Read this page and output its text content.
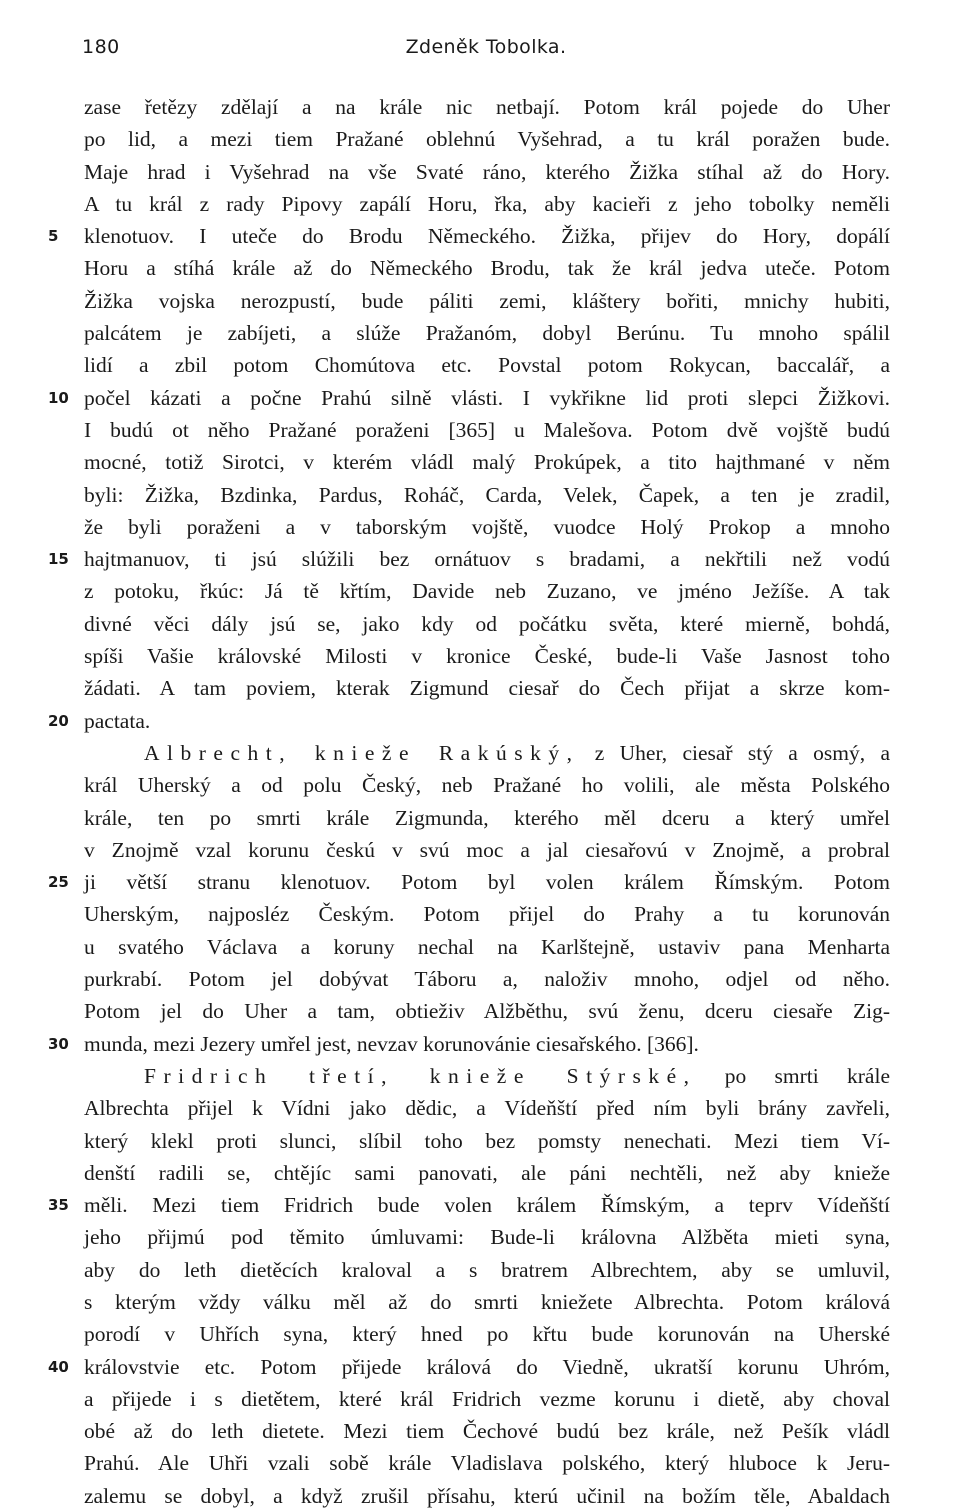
180	Zdeněk Tobolka.
zase řetězy zdělají a na krále nic netbají. Potom král pojede do Uher
po lid, a mezi tiem Pražané oblehnú Vyšehrad, a tu král poražen bude.
Maje hrad i Vyšehrad na vše Svaté ráno, kterého Žižka stíhal až do Hory.
A tu král z rady Pipovy zapálí Horu, řka, aby kacieři z jeho tobolky neměli
5	klenotuov. I uteče do Brodu Německého. Žižka, přijev do Hory, dopálí
Horu a stíhá krále až do Německého Brodu, tak že král jedva uteče. Potom
Žižka vojska nerozpustí, bude páliti zemi, kláštery bořiti, mnichy hubiti,
palcátem je zabíjeti, a slúže Pražanóm, dobyl Berúnu. Tu mnoho spálil
lidí a zbil potom Chomútova etc. Povstal potom Rokycan, baccalář, a
10 počel kázati a počne Prahú silně vlásti. I vykřikne lid proti slepci Žižkovi.
I budú ot něho Pražané poraženi [365] u Malešova. Potom dvě vojště budú
mocné, totiž Sirotci, v kterém vládl malý Prokúpek, a tito hajthmané v něm
byli: Žižka, Bzdinka, Pardus, Roháč, Carda, Velek, Čapek, a ten je zradil,
že byli poraženi a v taborským vojště, vuodce Holý Prokop a mnoho
15 hajtmanuov, ti jsú slúžili bez ornátuov s bradami, a nekřtili než vodú
z potoku, řkúc: Já tě křtím, Davide neb Zuzano, ve jméno Ježíše. A tak
divné věci dály jsú se, jako kdy od počátku světa, které mierně, bohdá,
spíši Vašie královské Milosti v kronice České, bude-li Vaše Jasnost toho
žádati. A tam poviem, kterak Zigmund ciesař do Čech přijat a skrze kom-
20 pactata.
Albrecht, knieže Rakúský, z Uher, ciesař stý a osmý, a
král Uherský a od polu Český, neb Pražané ho volili, ale města Polského
krále, ten po smrti krále Zigmunda, kterého měl dceru a který umřel
v Znojmě vzal korunu českú v svú moc a jal ciesařovú v Znojmě, a probral
25 ji větší stranu klenotuov. Potom byl volen králem Římským. Potom
Uherským, najposléz Českým. Potom přijel do Prahy a tu korunován
u svatého Václava a koruny nechal na Karlštejně, ustaviv pana Menharta
purkrabí. Potom jel dobývat Táboru a, naloživ mnoho, odjel od něho.
Potom jel do Uher a tam, obtieživ Alžběthu, svú ženu, dceru ciesaře Zig-
30 munda, mezi Jezery umřel jest, nevzav korunovánie ciesařského. [366].
Fridrich třetí, knieže Stýrské, po smrti krále
Albrechta přijel k Vídni jako dědic, a Vídeňští před ním byli brány zavřeli,
který klekl proti slunci, slíbil toho bez pomsty nenechati. Mezi tiem Ví-
denští radili se, chtějíc sami panovati, ale páni nechtěli, než aby knieže
35 měli. Mezi tiem Fridrich bude volen králem Římským, a teprv Vídeňští
jeho přijmú pod těmito úmluvami: Bude-li královna Alžběta mieti syna,
aby do leth dietěcích kraloval a s bratrem Albrechtem, aby se umluvil,
s kterým vždy válku měl až do smrti kniežete Albrechta. Potom králová
porodí v Uhřích syna, který hned po křtu bude korunován na Uherské
40 královstvie etc. Potom přijede králová do Viedně, ukratší korunu Uhróm,
a přijede i s dietětem, které král Fridrich vezme korunu i dietě, aby choval
obé až do leth dietete. Mezi tiem Čechové budú bez krále, než Pešík vládl
Prahú. Ale Uhři vzali sobě krále Vladislava polského, který hluboce k Jeru-
zalemu se dobyl, a když zrušil přísahu, kterú učinil na božím těle, Abaldach
